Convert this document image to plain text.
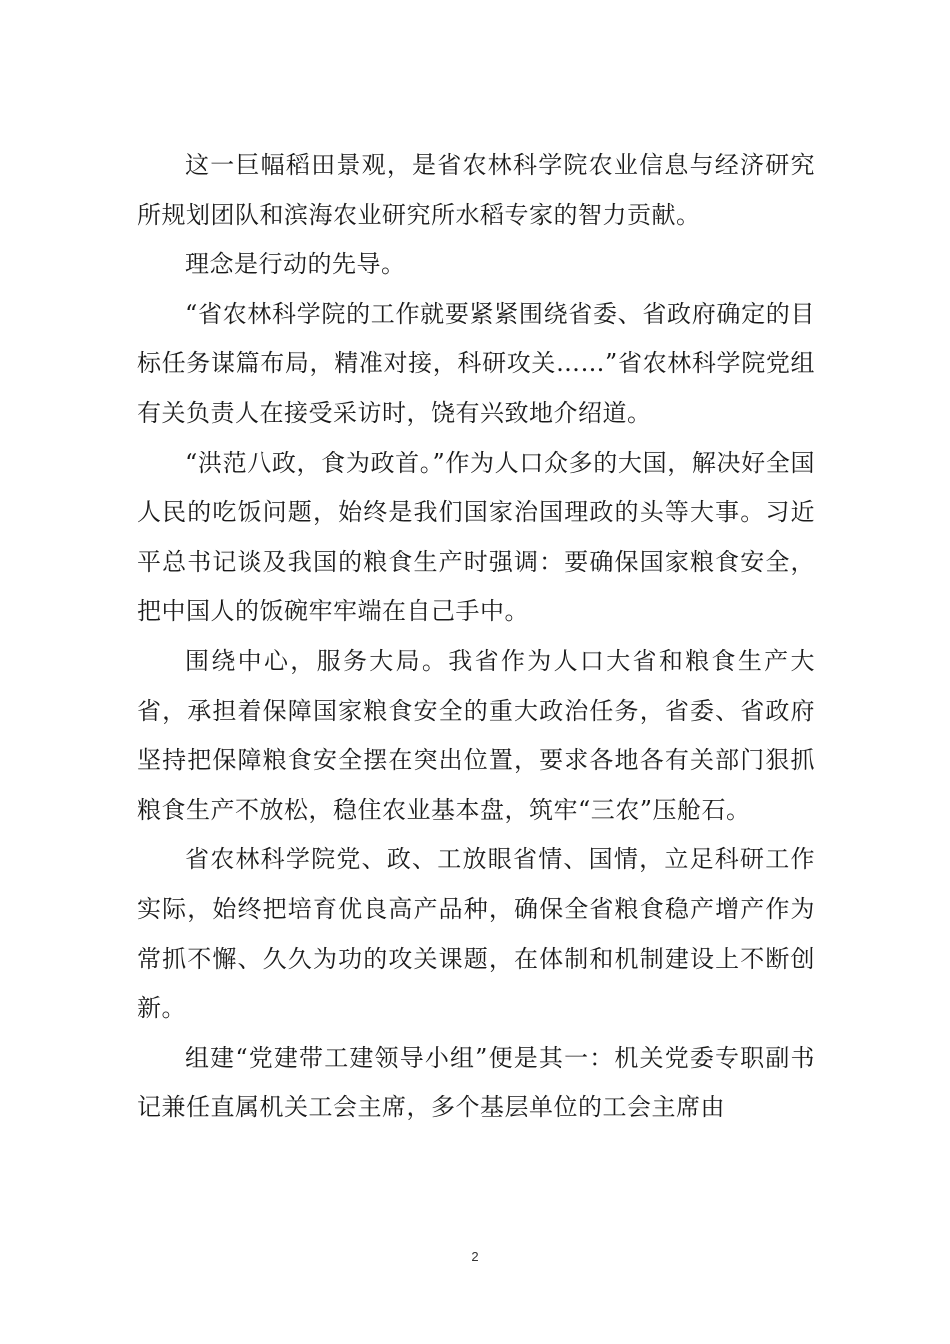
这一巨幅稻田景观，是省农林科学院农业信息与经济研究所规划团队和滨海农业研究所水稻专家的智力贡献。

理念是行动的先导。

“省农林科学院的工作就要紧紧围绕省委、省政府确定的目标任务谋篇布局，精准对接，科研攻关……”省农林科学院党组有关负责人在接受采访时，饶有兴致地介绍道。

“洪范八政，食为政首。”作为人口众多的大国，解决好全国人民的吃饭问题，始终是我们国家治国理政的头等大事。习近平总书记谈及我国的粮食生产时强调：要确保国家粮食安全，把中国人的饭碗牢牢端在自己手中。

围绕中心，服务大局。我省作为人口大省和粮食生产大省，承担着保障国家粮食安全的重大政治任务，省委、省政府坚持把保障粮食安全摆在突出位置，要求各地各有关部门狠抓粮食生产不放松，稳住农业基本盘，筑牢“三农”压舱石。

省农林科学院党、政、工放眼省情、国情，立足科研工作实际，始终把培育优良高产品种，确保全省粮食稳产增产作为常抓不懈、久久为功的攻关课题，在体制和机制建设上不断创新。

组建“党建带工建领导小组”便是其一：机关党委专职副书记兼任直属机关工会主席，多个基层单位的工会主席由

2
